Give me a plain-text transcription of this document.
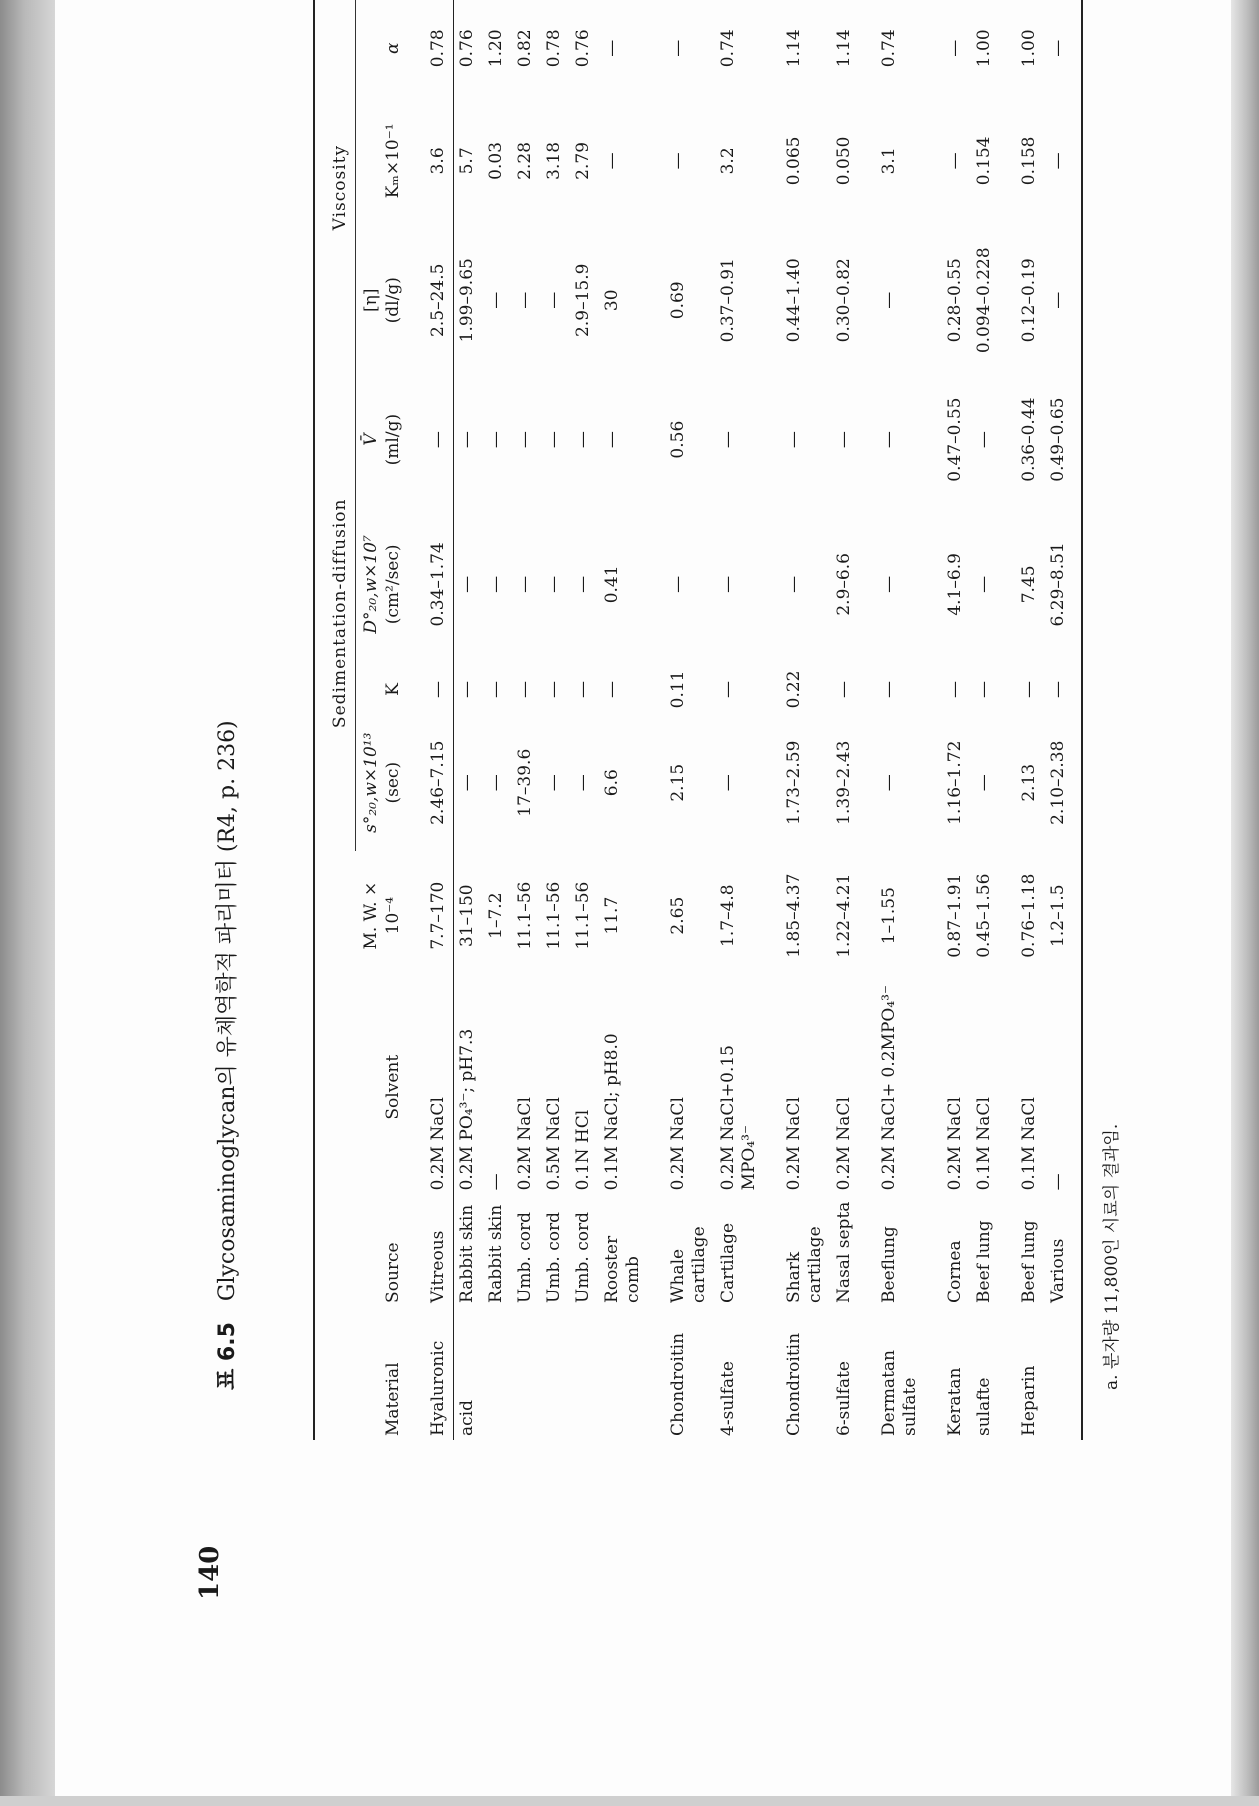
140
표 6.5 Glycosaminoglycan의 유체역학적 파리미터 (R4, p. 236)
				Sedimentation-diffusion				Viscosity		
Material	Source	Solvent	M. W. × 10⁻⁴	s°₂₀,w×10¹³ (sec)	K	D°₂₀,w×10⁷ (cm²/sec)	V̄ (ml/g)	[η] (dl/g)	Kₘ×10⁻¹	α

Hyaluronic	Vitreous	0.2M NaCl	7.7–170	2.46–7.15	—	0.34–1.74	—	2.5–24.5	3.6	0.78
acid	Rabbit skin	0.2M PO₄³⁻; pH7.3	31–150	—	—	—	—	1.99–9.65	5.7	0.76
	Rabbit skin	—	1–7.2	—	—	—	—	—	0.03	1.20
	Umb. cord	0.2M NaCl	11.1–56	17–39.6	—	—	—	—	2.28	0.82
	Umb. cord	0.5M NaCl	11.1–56	—	—	—	—	—	3.18	0.78
	Umb. cord	0.1N HCl	11.1–56	—	—	—	—	2.9–15.9	2.79	0.76
	Rooster comb	0.1M NaCl; pH8.0	11.7	6.6	—	0.41	—	30	—	—

Chondroitin	Whale cartilage	0.2M NaCl	2.65	2.15	0.11	—	0.56	0.69	—	—
4-sulfate	Cartilage	0.2M NaCl+0.15 MPO₄³⁻	1.7–4.8	—	—	—	—	0.37–0.91	3.2	0.74

Chondroitin	Shark cartilage	0.2M NaCl	1.85–4.37	1.73–2.59	0.22	—	—	0.44–1.40	0.065	1.14
6-sulfate	Nasal septa	0.2M NaCl	1.22–4.21	1.39–2.43	—	2.9–6.6	—	0.30–0.82	0.050	1.14

Dermatan sulfate	Beeflung	0.2M NaCl+ 0.2MPO₄³⁻	1–1.55	—	—	—	—	—	3.1	0.74

Keratan	Cornea	0.2M NaCl	0.87–1.91	1.16–1.72	—	4.1–6.9	0.47–0.55	0.28–0.55	—	—
sulafte	Beef lung	0.1M NaCl	0.45–1.56	—	—	—	—	0.094–0.228	0.154	1.00

Heparin	Beef lung	0.1M NaCl	0.76–1.18	2.13	—	7.45	0.36–0.44	0.12–0.19	0.158	1.00
	Various	—	1.2–1.5	2.10–2.38	—	6.29–8.51	0.49–0.65	—	—	—
a. 분자량 11,800인 시료의 결과임.
